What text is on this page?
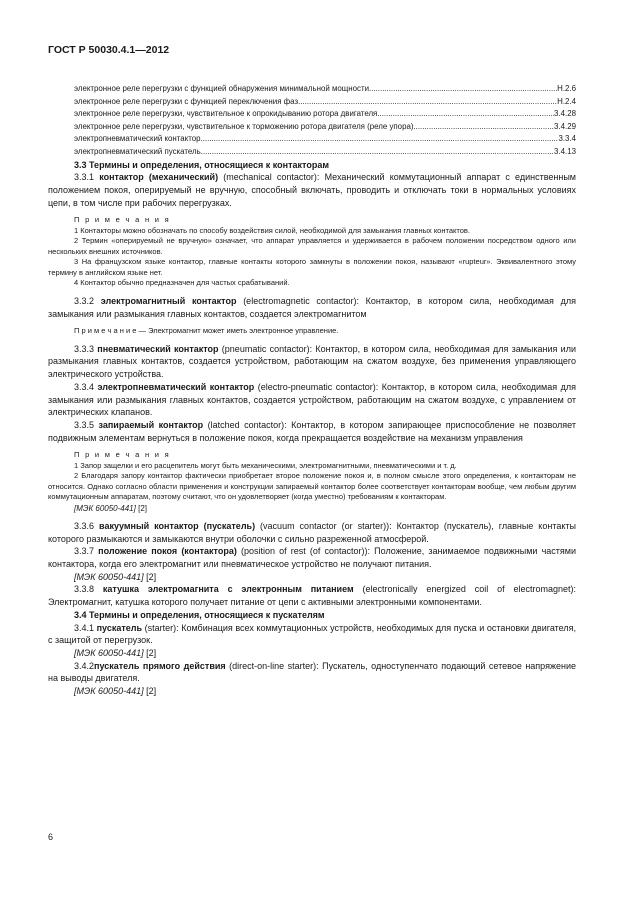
ГОСТ Р 50030.4.1—2012
электронное реле перегрузки с функцией обнаружения минимальной мощности .....	H.2.6
электронное реле перегрузки с функцией переключения фаз .....	H.2.4
электронное реле перегрузки, чувствительное к опрокидыванию ротора двигателя .....	3.4.28
электронное реле перегрузки, чувствительное к торможению ротора двигателя (реле упора) .....	3.4.29
электропневматический контактор .....	3.3.4
электропневматический пускатель .....	3.4.13

3.3 Термины и определения, относящиеся к контакторам

3.3.1 контактор (механический) (mechanical contactor): Механический коммутационный аппарат с единственным положением покоя, оперируемый не вручную, способный включать, проводить и отключать токи в нормальных условиях цепи, в том числе при рабочих перегрузках.

П р и м е ч а н и я

1 Контакторы можно обозначать по способу воздействия силой, необходимой для замыкания главных контактов.

2 Термин «оперируемый не вручную» означает, что аппарат управляется и удерживается в рабочем положении посредством одного или нескольких внешних источников.

3 На французском языке контактор, главные контакты которого замкнуты в положении покоя, называют «rupteur». Эквивалентного этому термину в английском языке нет.

4 Контактор обычно предназначен для частых срабатываний.

3.3.2 электромагнитный контактор (electromagnetic contactor): Контактор, в котором сила, необходимая для замыкания или размыкания главных контактов, создается электромагнитом

П р и м е ч а н и е — Электромагнит может иметь электронное управление.

3.3.3 пневматический контактор (pneumatic contactor): Контактор, в котором сила, необходимая для замыкания или размыкания главных контактов, создается устройством, работающим на сжатом воздухе, без применения управляющего электрического устройства.

3.3.4 электропневматический контактор (electro-pneumatic contactor): Контактор, в котором сила, необходимая для замыкания или размыкания главных контактов, создается устройством, работающим на сжатом воздухе, с управлением от электрических клапанов.

3.3.5 запираемый контактор (latched contactor): Контактор, в котором запирающее приспособление не позволяет подвижным элементам вернуться в положение покоя, когда прекращается воздействие на механизм управления

П р и м е ч а н и я

1 Запор защелки и его расцепитель могут быть механическими, электромагнитными, пневматическими и т. д.

2 Благодаря запору контактор фактически приобретает второе положение покоя и, в полном смысле этого определения, к контакторам не относится. Однако согласно области применения и конструкции запираемый контактор более соответствует контакторам вообще, чем любым другим коммутационным аппаратам, поэтому считают, что он удовлетворяет (когда уместно) требованиям к контакторам.

[МЭК 60050-441] [2]

3.3.6 вакуумный контактор (пускатель) (vacuum contactor (or starter)): Контактор (пускатель), главные контакты которого размыкаются и замыкаются внутри оболочки с сильно разреженной атмосферой.

3.3.7 положение покоя (контактора) (position of rest (of contactor)): Положение, занимаемое подвижными частями контактора, когда его электромагнит или пневматическое устройство не получают питания.

[МЭК 60050-441] [2]

3.3.8 катушка электромагнита с электронным питанием (electronically energized coil of electromagnet): Электромагнит, катушка которого получает питание от цепи с активными электронными компонентами.

3.4 Термины и определения, относящиеся к пускателям

3.4.1 пускатель (starter): Комбинация всех коммутационных устройств, необходимых для пуска и остановки двигателя, с защитой от перегрузок.

[МЭК 60050-441] [2]

3.4.2пускатель прямого действия (direct-on-line starter): Пускатель, одноступенчато подающий сетевое напряжение на выводы двигателя.

[МЭК 60050-441] [2]

6
